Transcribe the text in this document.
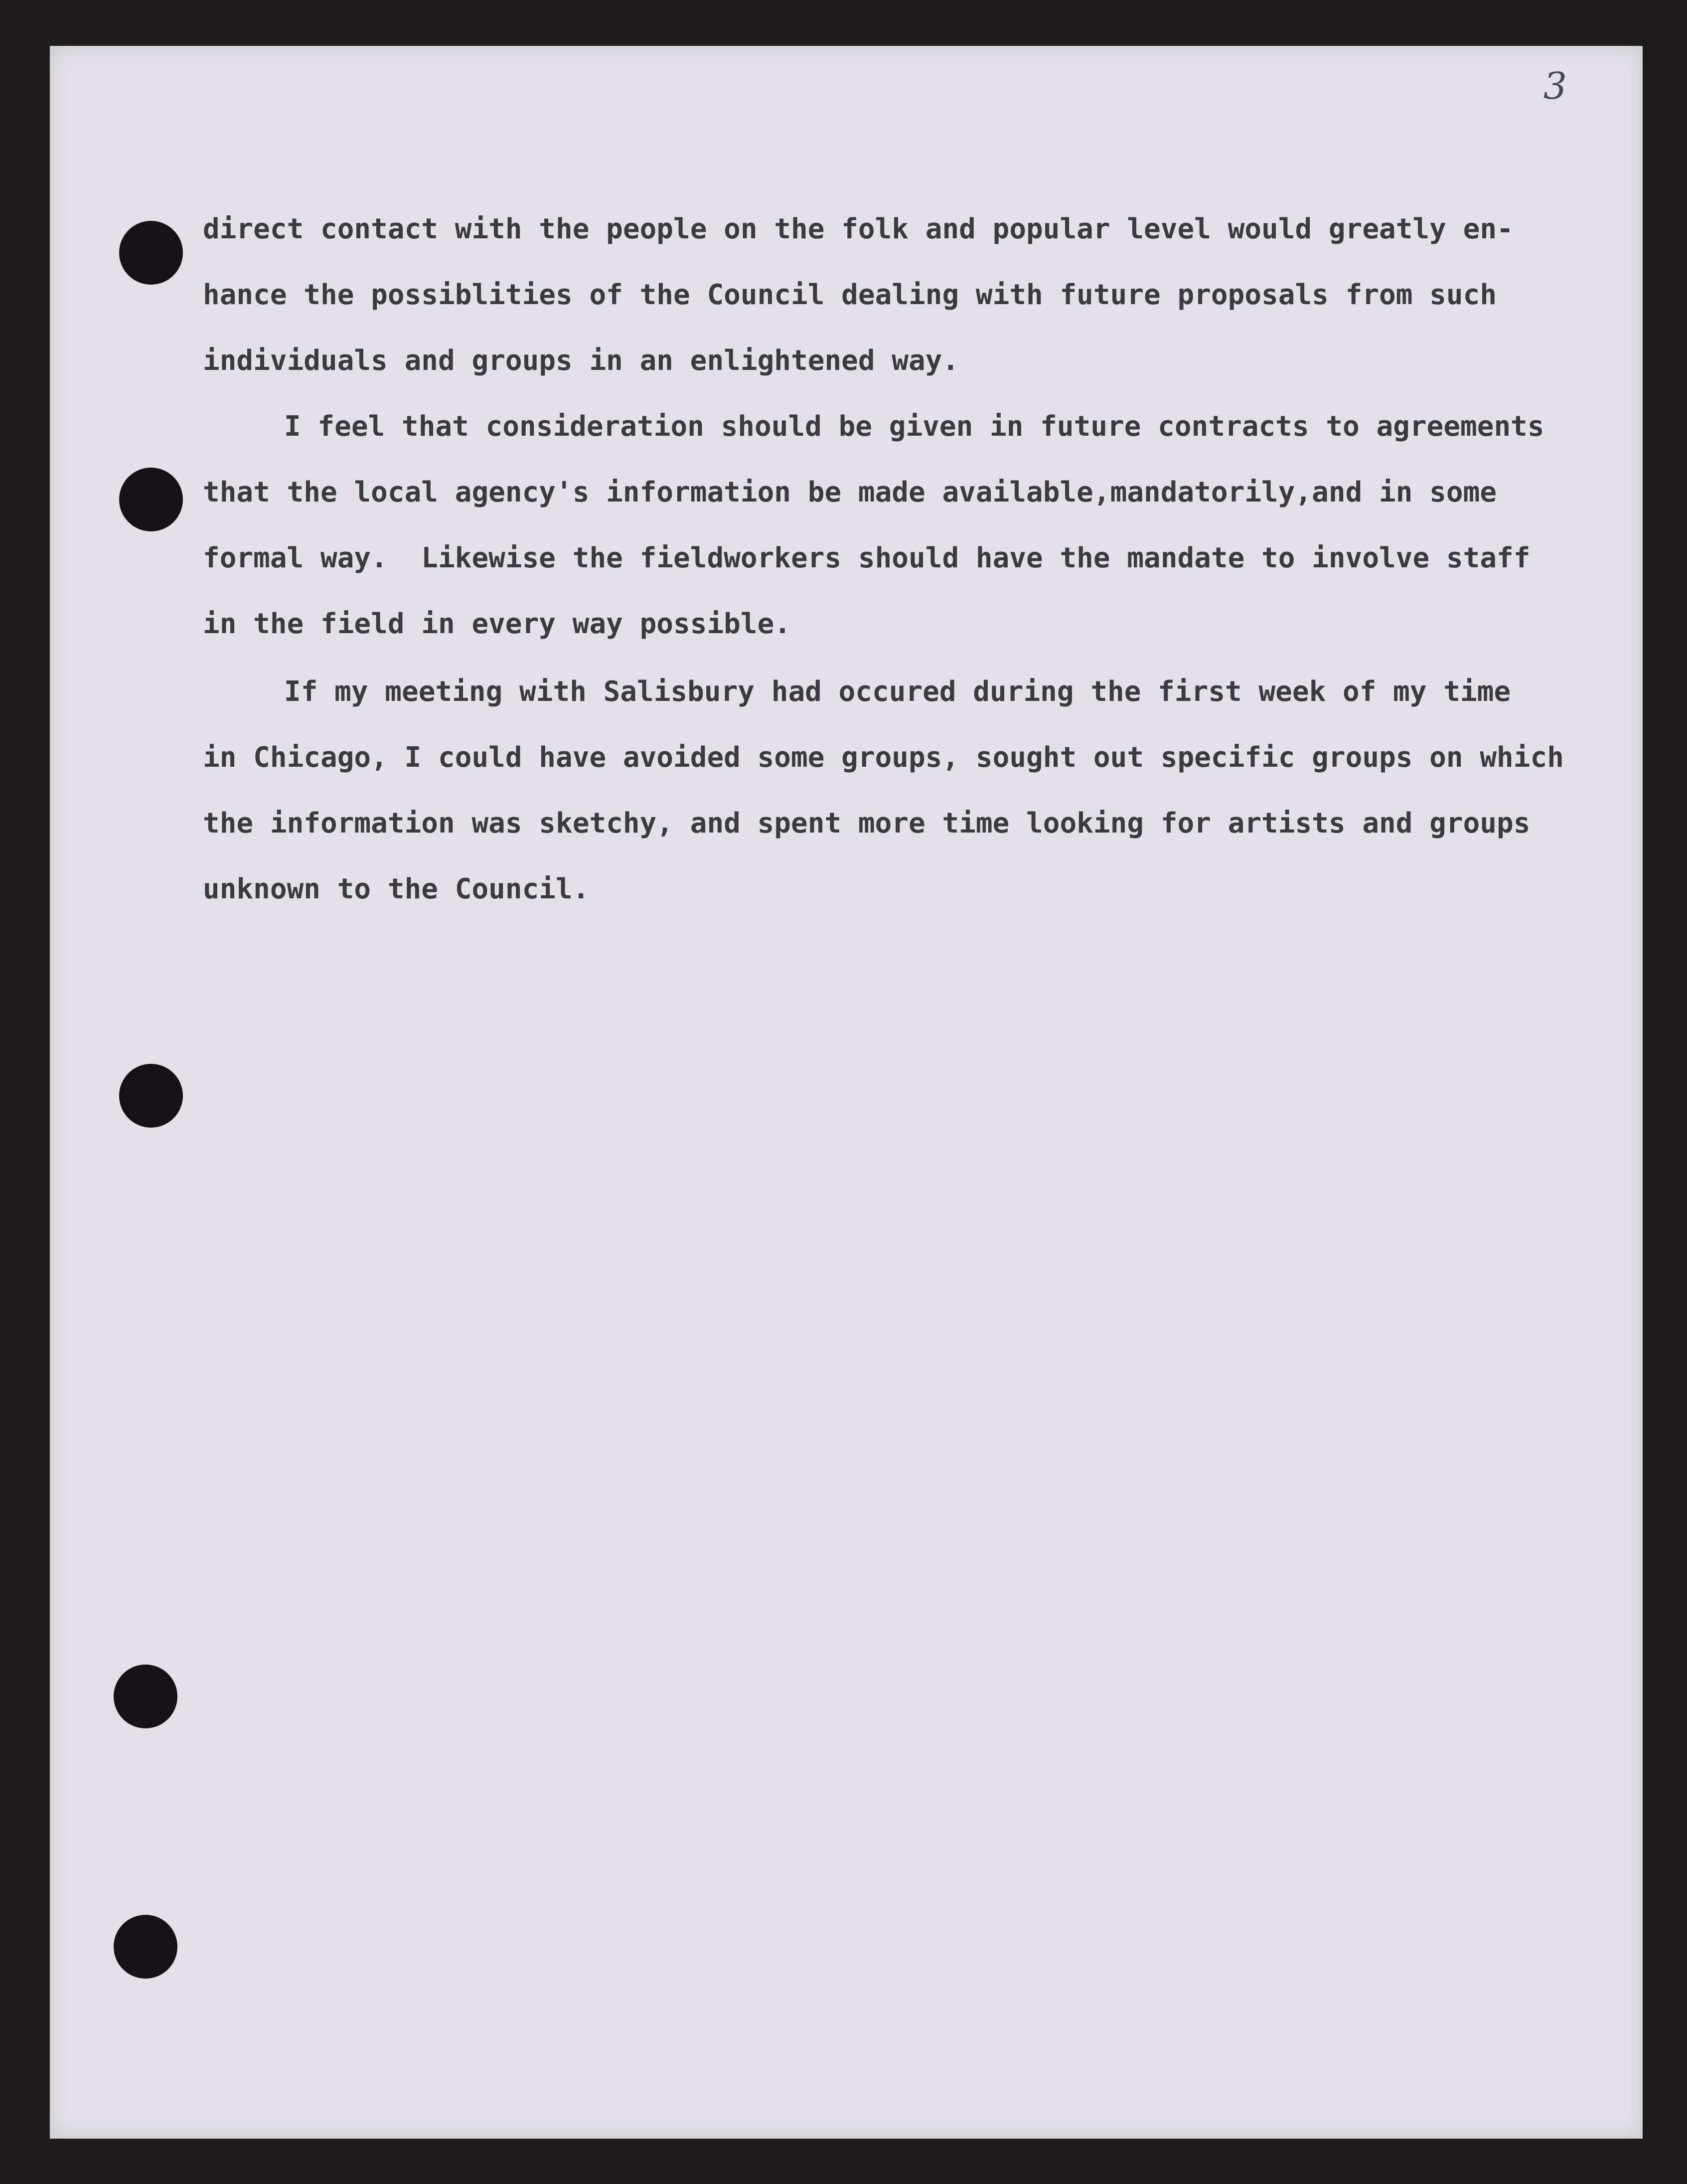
3
direct contact with the people on the folk and popular level would greatly en-
hance the possiblities of the Council dealing with future proposals from such
individuals and groups in an enlightened way.
I feel that consideration should be given in future contracts to agreements
that the local agency's information be made available,mandatorily,and in some
formal way.  Likewise the fieldworkers should have the mandate to involve staff
in the field in every way possible.
If my meeting with Salisbury had occured during the first week of my time
in Chicago, I could have avoided some groups, sought out specific groups on which
the information was sketchy, and spent more time looking for artists and groups
unknown to the Council.
